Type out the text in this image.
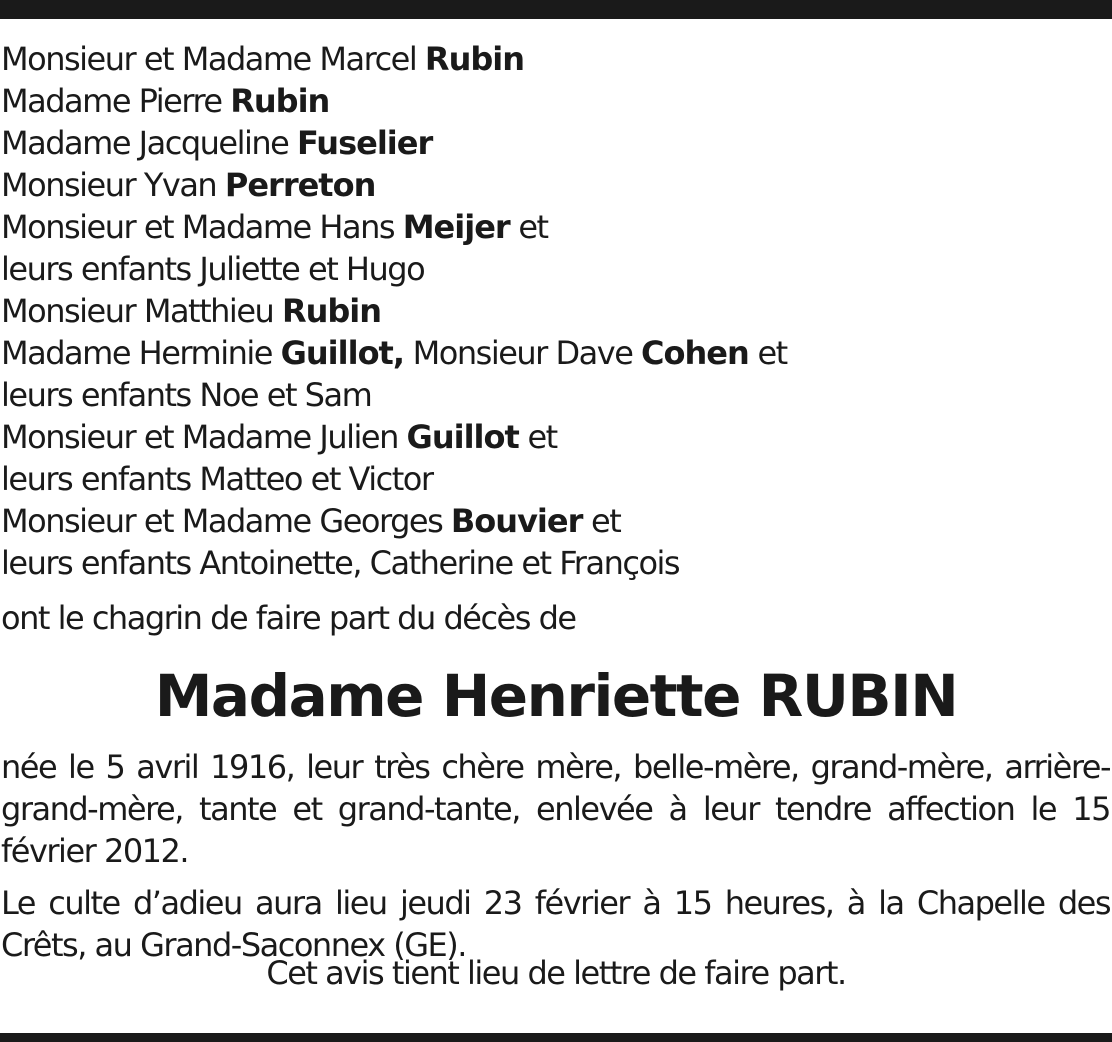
Monsieur et Madame Marcel Rubin
Madame Pierre Rubin
Madame Jacqueline Fuselier
Monsieur Yvan Perreton
Monsieur et Madame Hans Meijer et
leurs enfants Juliette et Hugo
Monsieur Matthieu Rubin
Madame Herminie Guillot, Monsieur Dave Cohen et
leurs enfants Noe et Sam
Monsieur et Madame Julien Guillot et
leurs enfants Matteo et Victor
Monsieur et Madame Georges Bouvier et
leurs enfants Antoinette, Catherine et François
ont le chagrin de faire part du décès de
Madame Henriette RUBIN
née le 5 avril 1916, leur très chère mère, belle-mère, grand-mère, arrière-grand-mère, tante et grand-tante, enlevée à leur tendre affection le 15 février 2012.
Le culte d’adieu aura lieu jeudi 23 février à 15 heures, à la Chapelle des Crêts, au Grand-Saconnex (GE).
Cet avis tient lieu de lettre de faire part.
